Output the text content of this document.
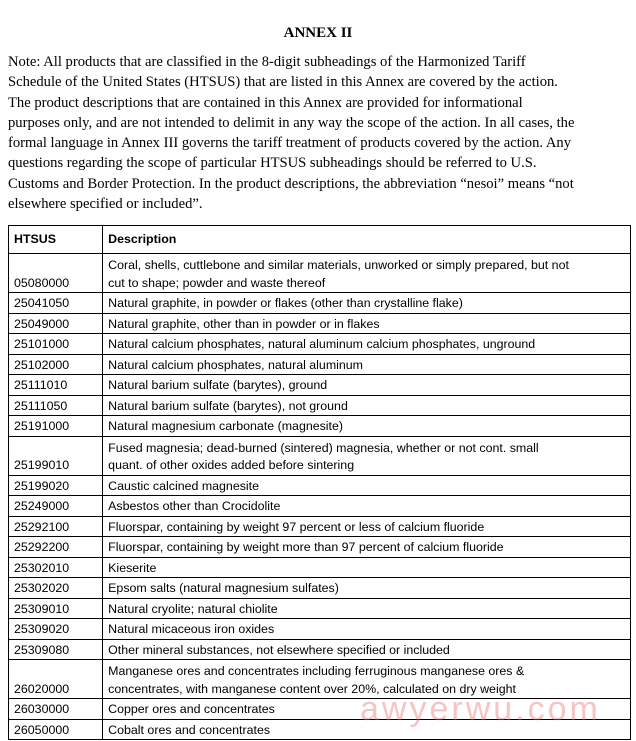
ANNEX II
Note: All products that are classified in the 8-digit subheadings of the Harmonized Tariff
Schedule of the United States (HTSUS) that are listed in this Annex are covered by the action.
The product descriptions that are contained in this Annex are provided for informational
purposes only, and are not intended to delimit in any way the scope of the action. In all cases, the
formal language in Annex III governs the tariff treatment of products covered by the action. Any
questions regarding the scope of particular HTSUS subheadings should be referred to U.S.
Customs and Border Protection. In the product descriptions, the abbreviation “nesoi” means “not
elsewhere specified or included”.
HTSUS	Description
05080000	Coral, shells, cuttlebone and similar materials, unworked or simply prepared, but not
cut to shape; powder and waste thereof

25041050	Natural graphite, in powder or flakes (other than crystalline flake)

25049000	Natural graphite, other than in powder or in flakes

25101000	Natural calcium phosphates, natural aluminum calcium phosphates, unground

25102000	Natural calcium phosphates, natural aluminum

25111010	Natural barium sulfate (barytes), ground

25111050	Natural barium sulfate (barytes), not ground

25191000	Natural magnesium carbonate (magnesite)

25199010	Fused magnesia; dead-burned (sintered) magnesia, whether or not cont. small
quant. of other oxides added before sintering

25199020	Caustic calcined magnesite

25249000	Asbestos other than Crocidolite

25292100	Fluorspar, containing by weight 97 percent or less of calcium fluoride

25292200	Fluorspar, containing by weight more than 97 percent of calcium fluoride

25302010	Kieserite

25302020	Epsom salts (natural magnesium sulfates)

25309010	Natural cryolite; natural chiolite

25309020	Natural micaceous iron oxides

25309080	Other mineral substances, not elsewhere specified or included

26020000	Manganese ores and concentrates including ferruginous manganese ores &
concentrates, with manganese content over 20%, calculated on dry weight

26030000	Copper ores and concentrates

26050000	Cobalt ores and concentrates
awyerwu.com
